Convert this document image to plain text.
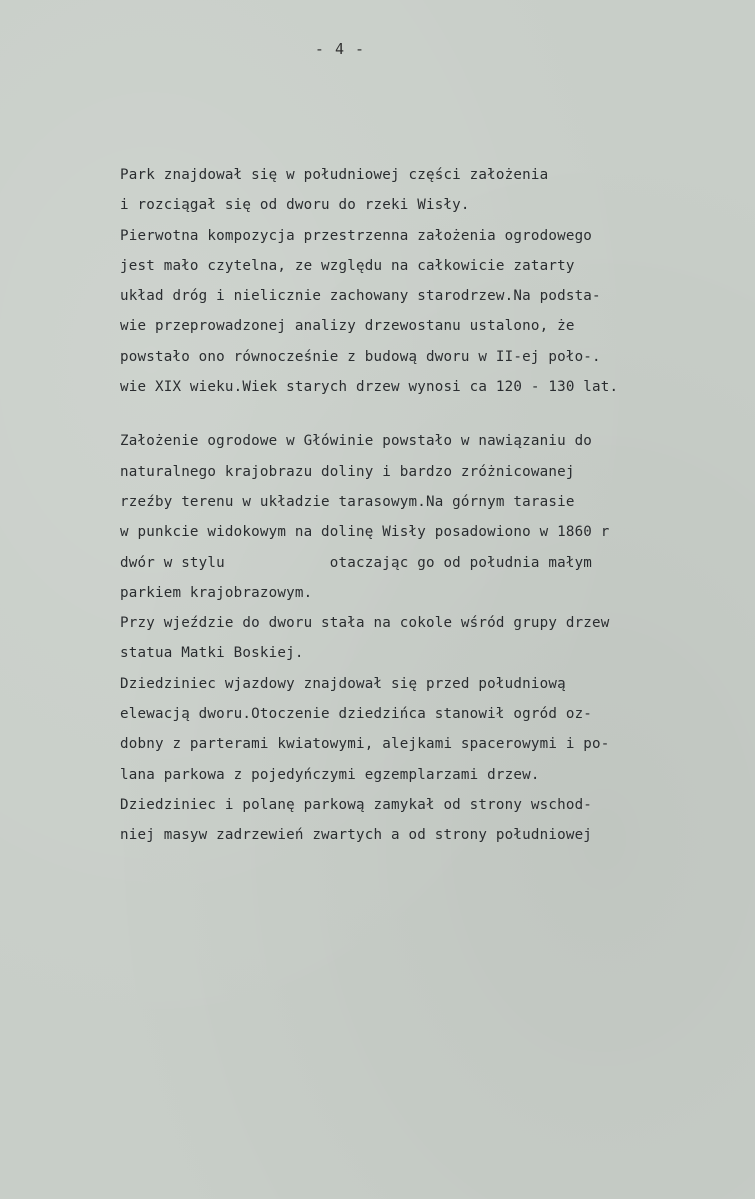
- 4 -
Park znajdował się w południowej części założenia
i rozciągał się od dworu do rzeki Wisły.
Pierwotna kompozycja przestrzenna założenia ogrodowego
jest mało czytelna, ze względu na całkowicie zatarty
układ dróg i nielicznie zachowany starodrzew.Na podsta-
wie przeprowadzonej analizy drzewostanu ustalono, że
powstało ono równocześnie z budową dworu w II-ej poło-.
wie XIX wieku.Wiek starych drzew wynosi ca 120 - 130 lat.
Założenie ogrodowe w Główinie powstało w nawiązaniu do
naturalnego krajobrazu doliny i bardzo zróżnicowanej
rzeźby terenu w układzie tarasowym.Na górnym tarasie
w punkcie widokowym na dolinę Wisły posadowiono w 1860 r
dwór w stylu            otaczając go od południa małym
parkiem krajobrazowym.
Przy wjeździe do dworu stała na cokole wśród grupy drzew
statua Matki Boskiej.
Dziedziniec wjazdowy znajdował się przed południową
elewacją dworu.Otoczenie dziedzińca stanowił ogród oz-
dobny z parterami kwiatowymi, alejkami spacerowymi i po-
lana parkowa z pojedyńczymi egzemplarzami drzew.
Dziedziniec i polanę parkową zamykał od strony wschod-
niej masyw zadrzewień zwartych a od strony południowej
